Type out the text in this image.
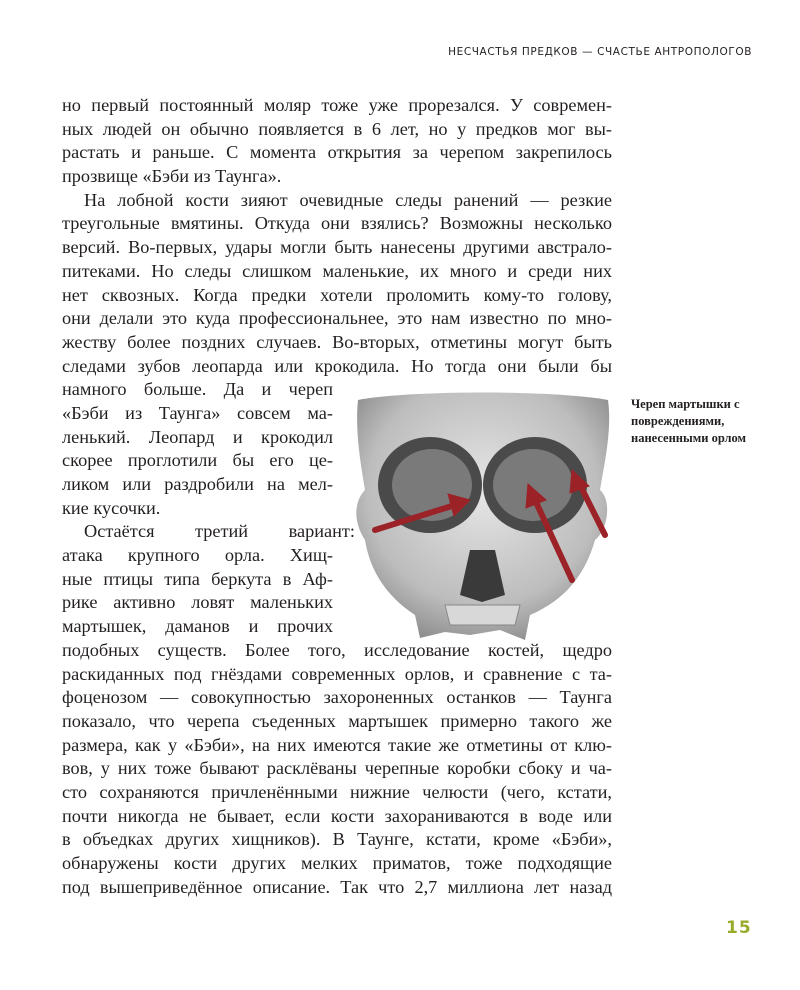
НЕСЧАСТЬЯ ПРЕДКОВ — СЧАСТЬЕ АНТРОПОЛОГОВ
но первый постоянный моляр тоже уже прорезался. У современ-
ных людей он обычно появляется в 6 лет, но у предков мог вы-
растать и раньше. С момента открытия за черепом закрепилось
прозвище «Бэби из Таунга».
На лобной кости зияют очевидные следы ранений — резкие
треугольные вмятины. Откуда они взялись? Возможны несколько
версий. Во-первых, удары могли быть нанесены другими австрало-
питеками. Но следы слишком маленькие, их много и среди них
нет сквозных. Когда предки хотели проломить кому-то голову,
они делали это куда профессиональнее, это нам известно по мно-
жеству более поздних случаев. Во-вторых, отметины могут быть
следами зубов леопарда или крокодила. Но тогда они были бы
намного больше. Да и череп
«Бэби из Таунга» совсем ма-
ленький. Леопард и крокодил
скорее проглотили бы его це-
ликом или раздробили на мел-
кие кусочки.
Остаётся третий вариант:
атака крупного орла. Хищ-
ные птицы типа беркута в Аф-
рике активно ловят маленьких
мартышек, даманов и прочих
подобных существ. Более того, исследование костей, щедро
раскиданных под гнёздами современных орлов, и сравнение с та-
фоценозом — совокупностью захороненных останков — Таунга
показало, что черепа съеденных мартышек примерно такого же
размера, как у «Бэби», на них имеются такие же отметины от клю-
вов, у них тоже бывают расклёваны черепные коробки сбоку и ча-
сто сохраняются причленёнными нижние челюсти (чего, кстати,
почти никогда не бывает, если кости захораниваются в воде или
в объедках других хищников). В Таунге, кстати, кроме «Бэби»,
обнаружены кости других мелких приматов, тоже подходящие
под вышеприведённое описание. Так что 2,7 миллиона лет назад
Череп мартышки с повреждениями, нанесенными орлом
15
